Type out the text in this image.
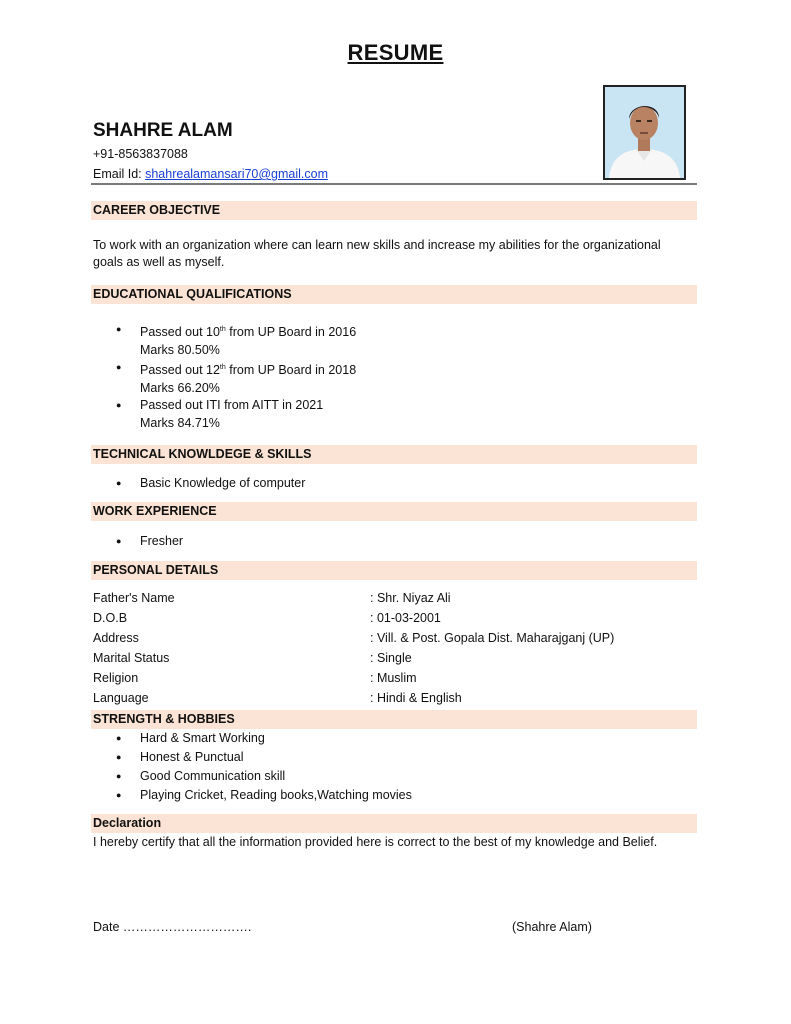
RESUME
SHAHRE ALAM
+91-8563837088
Email Id: shahrealamansari70@gmail.com
CAREER OBJECTIVE
To work with an organization where can learn new skills and increase my abilities for the organizational goals as well as myself.
EDUCATIONAL QUALIFICATIONS
● Passed out 10th from UP Board in 2016
Marks 80.50%
● Passed out 12th from UP Board in 2018
Marks 66.20%
● Passed out ITI from AITT in 2021
Marks 84.71%
TECHNICAL KNOWLDEGE & SKILLS
● Basic Knowledge of computer
WORK EXPERIENCE
● Fresher
PERSONAL DETAILS
Father's Name	: Shr. Niyaz Ali
D.O.B	: 01-03-2001
Address	: Vill. & Post. Gopala Dist. Maharajganj (UP)
Marital Status	: Single
Religion	: Muslim
Language	: Hindi & English
STRENGTH & HOBBIES
● Hard & Smart Working
● Honest & Punctual
● Good Communication skill
● Playing Cricket, Reading books,Watching movies
Declaration
I hereby certify that all the information provided here is correct to the best of my knowledge and Belief.
Date ………………………….	(Shahre Alam)
